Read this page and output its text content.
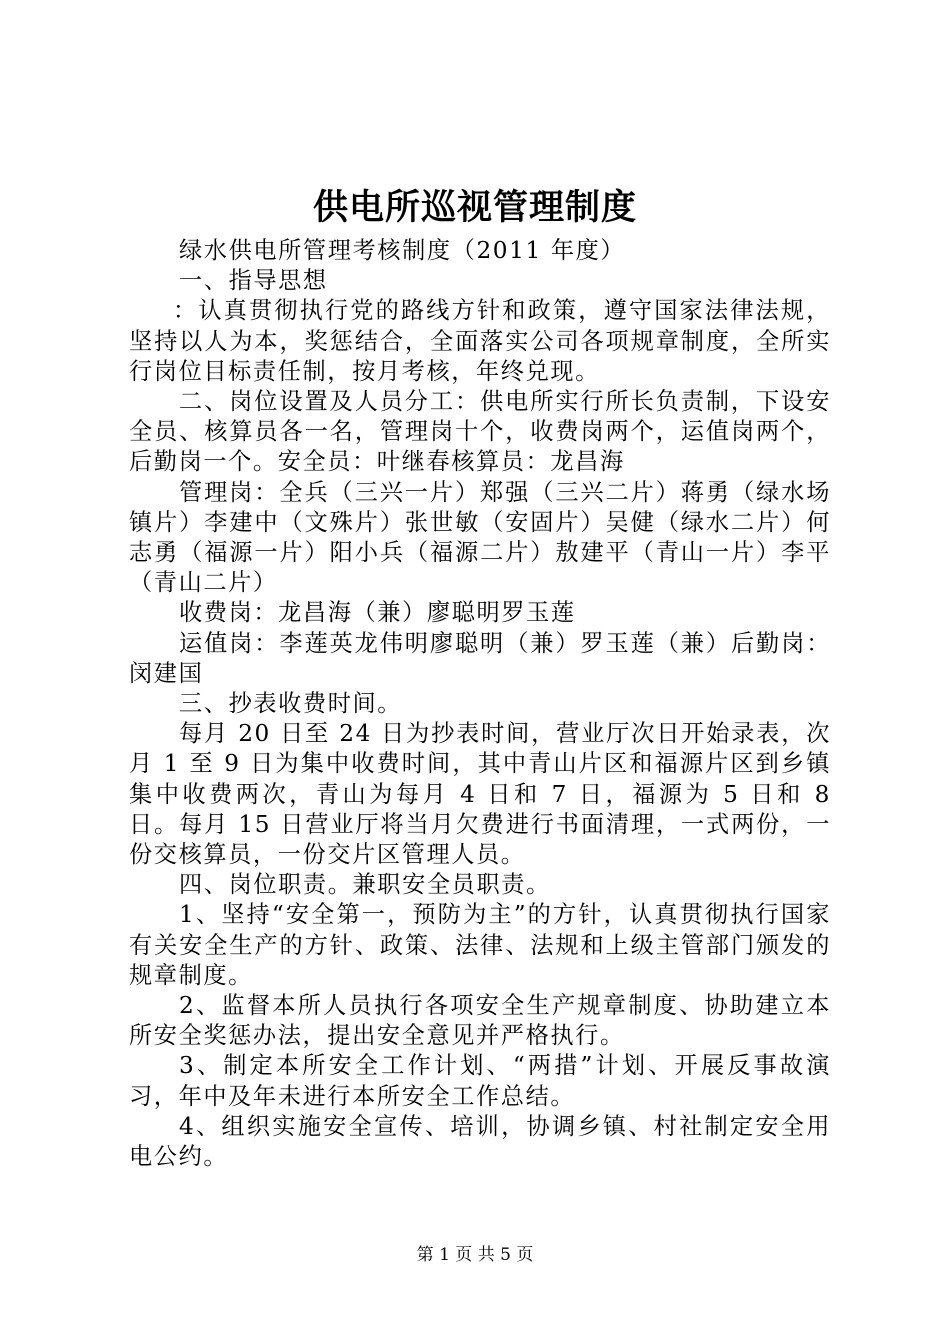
供电所巡视管理制度

绿水供电所管理考核制度（2011 年度）

一、指导思想

：认真贯彻执行党的路线方针和政策，遵守国家法律法规，坚持以人为本，奖惩结合，全面落实公司各项规章制度，全所实行岗位目标责任制，按月考核，年终兑现。

二、岗位设置及人员分工：供电所实行所长负责制，下设安全员、核算员各一名，管理岗十个，收费岗两个，运值岗两个，后勤岗一个。安全员：叶继春核算员：龙昌海

管理岗：全兵（三兴一片）郑强（三兴二片）蒋勇（绿水场镇片）李建中（文殊片）张世敏（安固片）吴健（绿水二片）何志勇（福源一片）阳小兵（福源二片）敖建平（青山一片）李平（青山二片）

收费岗：龙昌海（兼）廖聪明罗玉莲

运值岗：李莲英龙伟明廖聪明（兼）罗玉莲（兼）后勤岗：闵建国

三、抄表收费时间。

每月 20 日至 24 日为抄表时间，营业厅次日开始录表，次月 1 至 9 日为集中收费时间，其中青山片区和福源片区到乡镇集中收费两次，青山为每月 4 日和 7 日，福源为 5 日和 8 日。每月 15 日营业厅将当月欠费进行书面清理，一式两份，一份交核算员，一份交片区管理人员。

四、岗位职责。兼职安全员职责。

1、坚持“安全第一，预防为主”的方针，认真贯彻执行国家有关安全生产的方针、政策、法律、法规和上级主管部门颁发的规章制度。

2、监督本所人员执行各项安全生产规章制度、协助建立本所安全奖惩办法，提出安全意见并严格执行。

3、制定本所安全工作计划、“两措”计划、开展反事故演习，年中及年未进行本所安全工作总结。

4、组织实施安全宣传、培训，协调乡镇、村社制定安全用电公约。

第 1 页 共 5 页
